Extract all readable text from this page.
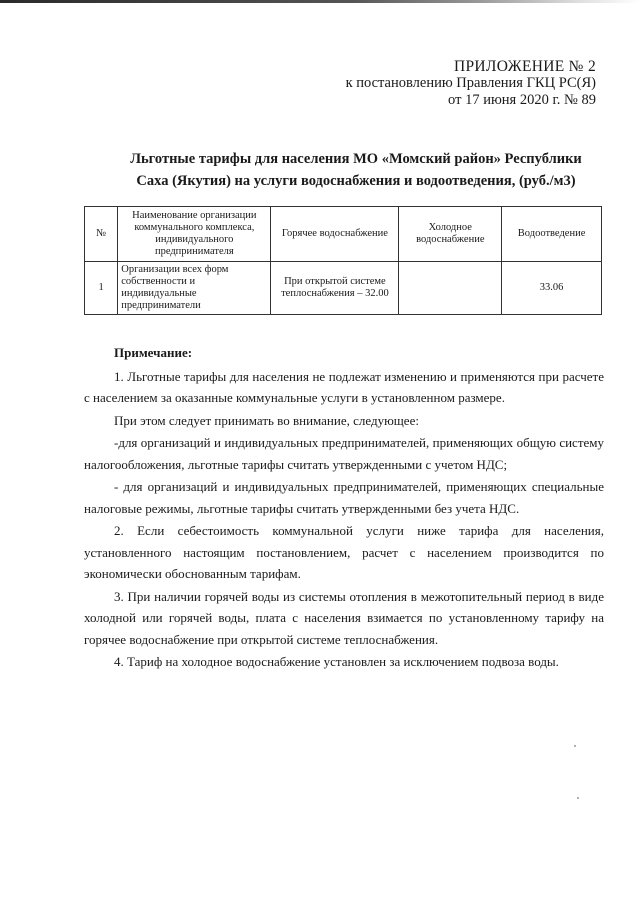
ПРИЛОЖЕНИЕ № 2
к постановлению Правления ГКЦ РС(Я)
от 17 июня 2020 г. № 89
Льготные тарифы для населения МО «Момский район» Республики
Саха (Якутия) на услуги водоснабжения и водоотведения, (руб./м3)
№	Наименование организации коммунального комплекса, индивидуального предпринимателя	Горячее водоснабжение	Холодное водоснабжение	Водоотведение
1	Организации всех форм собственности и индивидуальные предприниматели	При открытой системе теплоснабжения – 32.00		33.06
Примечание:

1. Льготные тарифы для населения не подлежат изменению и применяются при расчете с населением за оказанные коммунальные услуги в установленном размере.

При этом следует принимать во внимание, следующее:

-для организаций и индивидуальных предпринимателей, применяющих общую систему налогообложения, льготные тарифы считать утвержденными с учетом НДС;

- для организаций и индивидуальных предпринимателей, применяющих специальные налоговые режимы, льготные тарифы считать утвержденными без учета НДС.

2. Если себестоимость коммунальной услуги ниже тарифа для населения, установленного настоящим постановлением, расчет с населением производится по экономически обоснованным тарифам.

3. При наличии горячей воды из системы отопления в межотопительный период в виде холодной или горячей воды, плата с населения взимается по установленному тарифу на горячее водоснабжение при открытой системе теплоснабжения.

4. Тариф на холодное водоснабжение установлен за исключением подвоза воды.
